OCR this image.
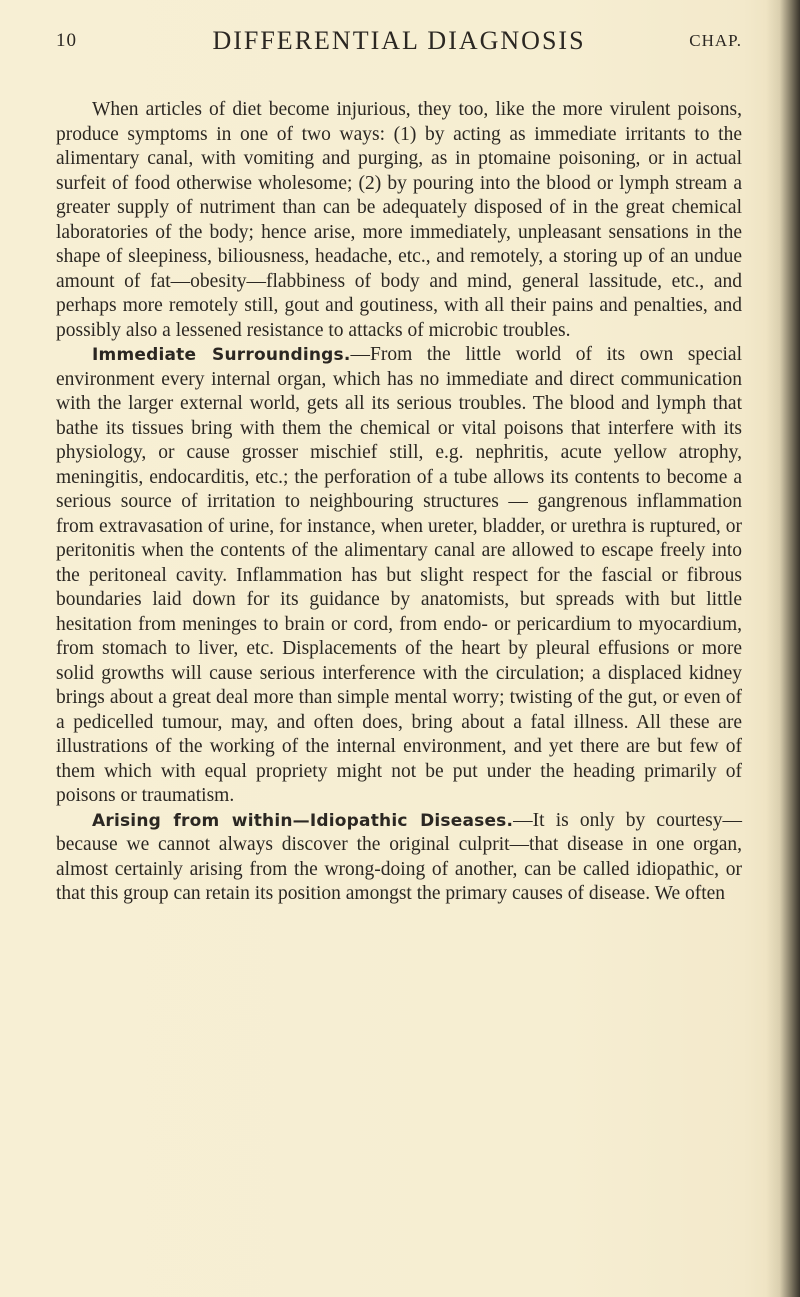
10	DIFFERENTIAL DIAGNOSIS	CHAP.

When articles of diet become injurious, they too, like the more virulent poisons, produce symptoms in one of two ways: (1) by acting as immediate irritants to the alimentary canal, with vomiting and purging, as in ptomaine poisoning, or in actual surfeit of food otherwise wholesome; (2) by pouring into the blood or lymph stream a greater supply of nutriment than can be adequately disposed of in the great chemical laboratories of the body; hence arise, more immediately, unpleasant sensations in the shape of sleepiness, biliousness, headache, etc., and remotely, a storing up of an undue amount of fat—obesity—flabbiness of body and mind, general lassitude, etc., and perhaps more remotely still, gout and goutiness, with all their pains and penalties, and possibly also a lessened resistance to attacks of microbic troubles.

Immediate Surroundings.—From the little world of its own special environment every internal organ, which has no immediate and direct communication with the larger external world, gets all its serious troubles. The blood and lymph that bathe its tissues bring with them the chemical or vital poisons that interfere with its physiology, or cause grosser mischief still, e.g. nephritis, acute yellow atrophy, meningitis, endocarditis, etc.; the perforation of a tube allows its contents to become a serious source of irritation to neighbouring structures — gangrenous inflammation from extravasation of urine, for instance, when ureter, bladder, or urethra is ruptured, or peritonitis when the contents of the alimentary canal are allowed to escape freely into the peritoneal cavity. Inflammation has but slight respect for the fascial or fibrous boundaries laid down for its guidance by anatomists, but spreads with but little hesitation from meninges to brain or cord, from endo- or pericardium to myocardium, from stomach to liver, etc. Displacements of the heart by pleural effusions or more solid growths will cause serious interference with the circulation; a displaced kidney brings about a great deal more than simple mental worry; twisting of the gut, or even of a pedicelled tumour, may, and often does, bring about a fatal illness. All these are illustrations of the working of the internal environment, and yet there are but few of them which with equal propriety might not be put under the heading primarily of poisons or traumatism.

Arising from within—Idiopathic Diseases.—It is only by courtesy—because we cannot always discover the original culprit—that disease in one organ, almost certainly arising from the wrong-doing of another, can be called idiopathic, or that this group can retain its position amongst the primary causes of disease. We often
